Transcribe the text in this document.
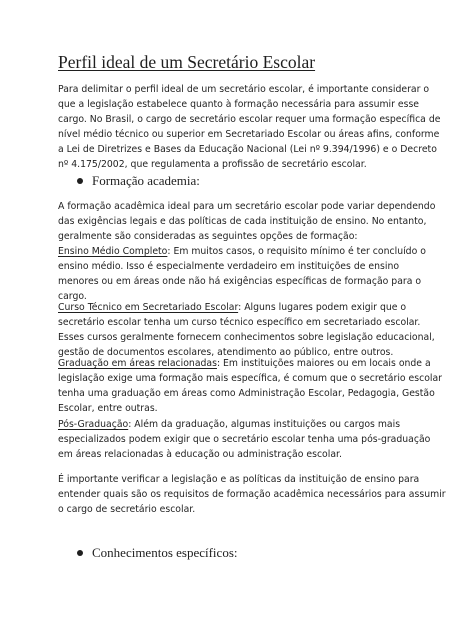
Perfil ideal de um Secretário Escolar

Para delimitar o perfil ideal de um secretário escolar, é importante considerar o
que a legislação estabelece quanto à formação necessária para assumir esse
cargo. No Brasil, o cargo de secretário escolar requer uma formação específica de
nível médio técnico ou superior em Secretariado Escolar ou áreas afins, conforme
a Lei de Diretrizes e Bases da Educação Nacional (Lei nº 9.394/1996) e o Decreto
nº 4.175/2002, que regulamenta a profissão de secretário escolar.

Formação academia:

A formação acadêmica ideal para um secretário escolar pode variar dependendo
das exigências legais e das políticas de cada instituição de ensino. No entanto,
geralmente são consideradas as seguintes opções de formação:

Ensino Médio Completo: Em muitos casos, o requisito mínimo é ter concluído o
ensino médio. Isso é especialmente verdadeiro em instituições de ensino
menores ou em áreas onde não há exigências específicas de formação para o
cargo.

Curso Técnico em Secretariado Escolar: Alguns lugares podem exigir que o
secretário escolar tenha um curso técnico específico em secretariado escolar.
Esses cursos geralmente fornecem conhecimentos sobre legislação educacional,
gestão de documentos escolares, atendimento ao público, entre outros.

Graduação em áreas relacionadas: Em instituições maiores ou em locais onde a
legislação exige uma formação mais específica, é comum que o secretário escolar
tenha uma graduação em áreas como Administração Escolar, Pedagogia, Gestão
Escolar, entre outras.

Pós-Graduação: Além da graduação, algumas instituições ou cargos mais
especializados podem exigir que o secretário escolar tenha uma pós-graduação
em áreas relacionadas à educação ou administração escolar.

É importante verificar a legislação e as políticas da instituição de ensino para
entender quais são os requisitos de formação acadêmica necessários para assumir
o cargo de secretário escolar.

Conhecimentos específicos:
